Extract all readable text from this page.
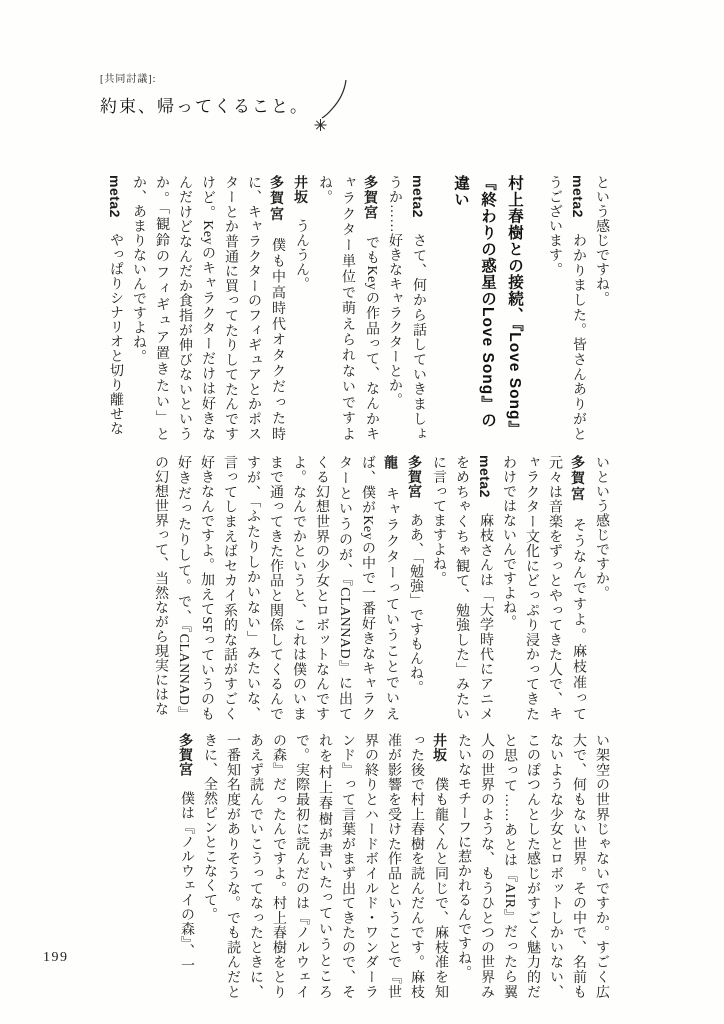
[共同討議]:
約束、帰ってくること。

という感じですね。

meta2　わかりました。皆さんありがとうございます。

村上春樹との接続、『Love Song』
『終わりの惑星のLove Song』の違い

meta2　さて、何から話していきましょうか……好きなキャラクターとか。

多賀宮　でもKeyの作品って、なんかキャラクター単位で萌えられないですよね。

井坂　うんうん。

多賀宮　僕も中高時代オタクだった時に、キャラクターのフィギュアとかポスターとか普通に買ってたりしてたんですけど。Keyのキャラクターだけは好きなんだけどなんだか食指が伸びないというか。「観鈴のフィギュア置きたい」とか、あまりないんですよね。

meta2　やっぱりシナリオと切り離せな

いという感じですか。

多賀宮　そうなんですよ。麻枝准って元々は音楽をずっとやってきた人で、キャラクター文化にどっぷり浸かってきたわけではないんですよね。

meta2　麻枝さんは「大学時代にアニメをめちゃくちゃ観て、勉強した」みたいに言ってますよね。

多賀宮　ああ、「勉強」ですもんね。

龍　キャラクターっていうことでいえば、僕がKeyの中で一番好きなキャラクターというのが、『CLANNAD』に出てくる幻想世界の少女とロボットなんですよ。なんでかというと、これは僕のいままで通ってきた作品と関係してくるんですが、「ふたりしかいない」みたいな、言ってしまえばセカイ系的な話がすごく好きなんですよ。加えてSFっていうのも好きだったりして。で、『CLANNAD』の幻想世界って、当然ながら現実にはな

い架空の世界じゃないですか。すごく広大で、何もない世界。その中で、名前もないような少女とロボットしかいない、このぽつんとした感じがすごく魅力的だと思って……あとは『AIR』だったら翼人の世界のような、もうひとつの世界みたいなモチーフに惹かれるんですね。

井坂　僕も龍くんと同じで、麻枝准を知った後で村上春樹を読んだんです。麻枝准が影響を受けた作品ということで『世界の終りとハードボイルド・ワンダーランド』って言葉がまず出てきたので、それを村上春樹が書いたっていうところで。実際最初に読んだのは『ノルウェイの森』だったんですよ。村上春樹をとりあえず読んでいこうってなったときに、一番知名度がありそうな。でも読んだときに、全然ピンとこなくて。

多賀宮　僕は『ノルウェイの森』、一

199
